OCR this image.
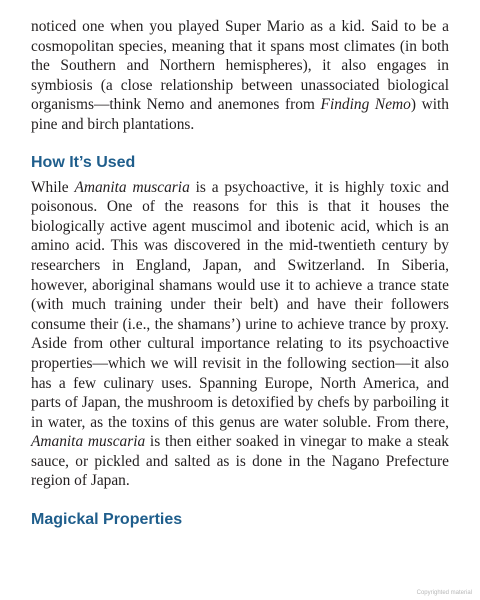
noticed one when you played Super Mario as a kid. Said to be a cosmopolitan species, meaning that it spans most climates (in both the Southern and Northern hemispheres), it also engages in symbiosis (a close relationship between unassociated biological organisms—think Nemo and anemones from Finding Nemo) with pine and birch plantations.

How It’s Used

While Amanita muscaria is a psychoactive, it is highly toxic and poisonous. One of the reasons for this is that it houses the biologically active agent muscimol and ibotenic acid, which is an amino acid. This was discovered in the mid-twentieth century by researchers in England, Japan, and Switzerland. In Siberia, however, aboriginal shamans would use it to achieve a trance state (with much training under their belt) and have their followers consume their (i.e., the shamans’) urine to achieve trance by proxy. Aside from other cultural importance relating to its psychoactive properties—which we will revisit in the following section—it also has a few culinary uses. Spanning Europe, North America, and parts of Japan, the mushroom is detoxified by chefs by parboiling it in water, as the toxins of this genus are water soluble. From there, Amanita muscaria is then either soaked in vinegar to make a steak sauce, or pickled and salted as is done in the Nagano Prefecture region of Japan.

Magickal Properties
Copyrighted material
